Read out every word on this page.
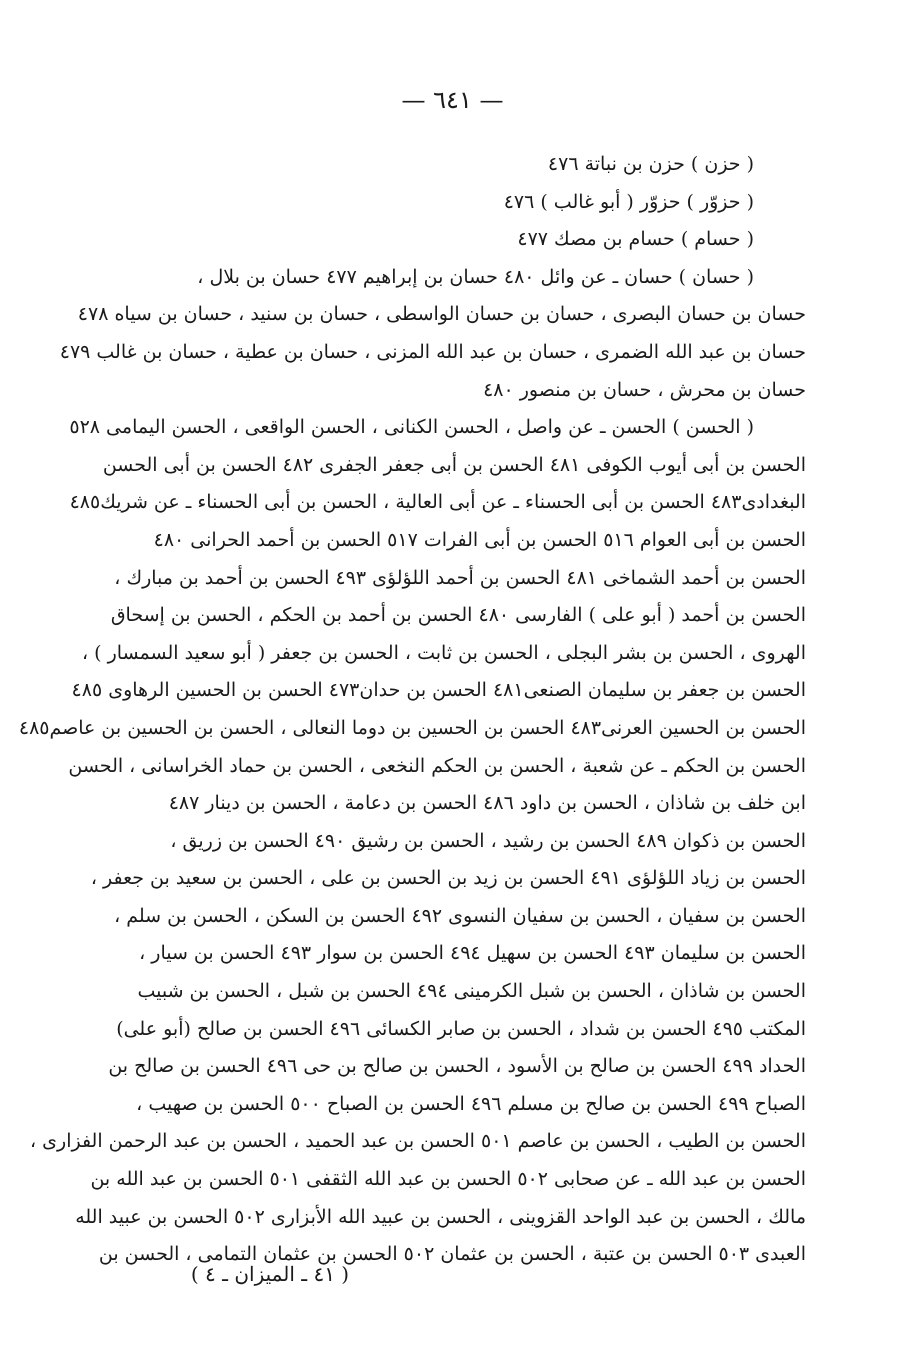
— ٦٤١ —
( حزن ) حزن بن نباتة ٤٧٦
( حزوّر ) حزوّر ( أبو غالب ) ٤٧٦
( حسام ) حسام بن مصك ٤٧٧
( حسان ) حسان ـ عن وائل ٤٨٠ حسان بن إبراهيم ٤٧٧ حسان بن بلال ،
حسان بن حسان البصرى ، حسان بن حسان الواسطى ، حسان بن سنيد ، حسان بن سياه ٤٧٨
حسان بن عبد الله الضمرى ، حسان بن عبد الله المزنى ، حسان بن عطية ، حسان بن غالب ٤٧٩
حسان بن محرش ، حسان بن منصور ٤٨٠
( الحسن ) الحسن ـ عن واصل ، الحسن الكنانى ، الحسن الواقعى ، الحسن اليمامى ٥٢٨
الحسن بن أبى أيوب الكوفى ٤٨١ الحسن بن أبى جعفر الجفرى ٤٨٢ الحسن بن أبى الحسن
البغدادى٤٨٣ الحسن بن أبى الحسناء ـ عن أبى العالية ، الحسن بن أبى الحسناء ـ عن شريك٤٨٥
الحسن بن أبى العوام ٥١٦ الحسن بن أبى الفرات ٥١٧ الحسن بن أحمد الحرانى ٤٨٠
الحسن بن أحمد الشماخى ٤٨١ الحسن بن أحمد اللؤلؤى ٤٩٣ الحسن بن أحمد بن مبارك ،
الحسن بن أحمد ( أبو على ) الفارسى ٤٨٠ الحسن بن أحمد بن الحكم ، الحسن بن إسحاق
الهروى ، الحسن بن بشر البجلى ، الحسن بن ثابت ، الحسن بن جعفر ( أبو سعيد السمسار ) ،
الحسن بن جعفر بن سليمان الصنعى٤٨١ الحسن بن حدان٤٧٣ الحسن بن الحسين الرهاوى ٤٨٥
الحسن بن الحسين العرنى٤٨٣ الحسن بن الحسين بن دوما النعالى ، الحسن بن الحسين بن عاصم٤٨٥
الحسن بن الحكم ـ عن شعبة ، الحسن بن الحكم النخعى ، الحسن بن حماد الخراسانى ، الحسن
ابن خلف بن شاذان ، الحسن بن داود ٤٨٦ الحسن بن دعامة ، الحسن بن دينار ٤٨٧
الحسن بن ذكوان ٤٨٩ الحسن بن رشيد ، الحسن بن رشيق ٤٩٠ الحسن بن زريق ،
الحسن بن زياد اللؤلؤى ٤٩١ الحسن بن زيد بن الحسن بن على ، الحسن بن سعيد بن جعفر ،
الحسن بن سفيان ، الحسن بن سفيان النسوى ٤٩٢ الحسن بن السكن ، الحسن بن سلم ،
الحسن بن سليمان ٤٩٣ الحسن بن سهيل ٤٩٤ الحسن بن سوار ٤٩٣ الحسن بن سيار ،
الحسن بن شاذان ، الحسن بن شبل الكرمينى ٤٩٤ الحسن بن شبل ، الحسن بن شبيب
المكتب ٤٩٥ الحسن بن شداد ، الحسن بن صابر الكسائى ٤٩٦ الحسن بن صالح (أبو على)
الحداد ٤٩٩ الحسن بن صالح بن الأسود ، الحسن بن صالح بن حى ٤٩٦ الحسن بن صالح بن
الصباح ٤٩٩ الحسن بن صالح بن مسلم ٤٩٦ الحسن بن الصباح ٥٠٠ الحسن بن صهيب ،
الحسن بن الطيب ، الحسن بن عاصم ٥٠١ الحسن بن عبد الحميد ، الحسن بن عبد الرحمن الفزارى ،
الحسن بن عبد الله ـ عن صحابى ٥٠٢ الحسن بن عبد الله الثقفى ٥٠١ الحسن بن عبد الله بن
مالك ، الحسن بن عبد الواحد القزوينى ، الحسن بن عبيد الله الأبزارى ٥٠٢ الحسن بن عبيد الله
العبدى ٥٠٣ الحسن بن عتبة ، الحسن بن عثمان ٥٠٢ الحسن بن عثمان التمامى ، الحسن بن
( ٤١ ـ الميزان ـ ٤ )
